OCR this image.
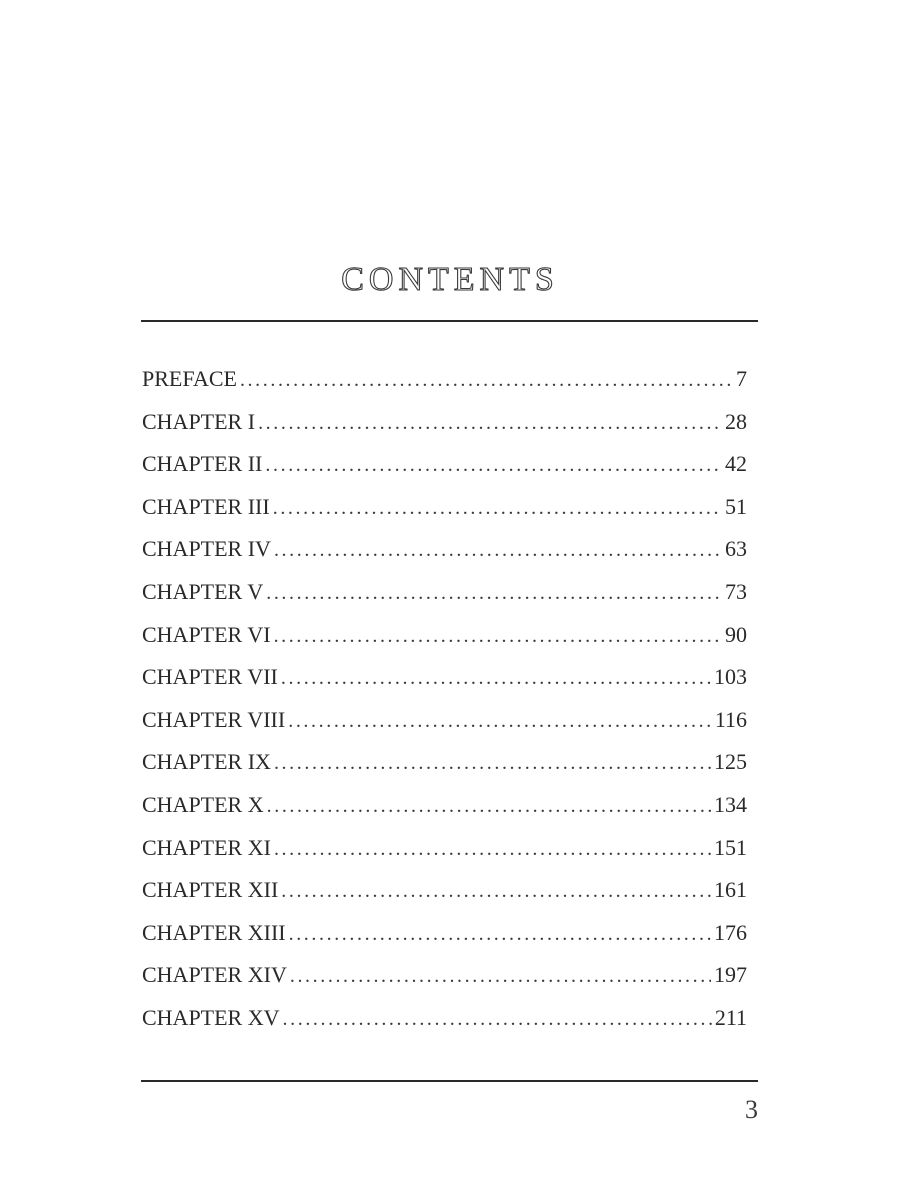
CONTENTS
PREFACE .....	7
CHAPTER I .....	28
CHAPTER II .....	42
CHAPTER III .....	51
CHAPTER IV .....	63
CHAPTER V .....	73
CHAPTER VI .....	90
CHAPTER VII .....	103
CHAPTER VIII .....	116
CHAPTER IX .....	125
CHAPTER X .....	134
CHAPTER XI .....	151
CHAPTER XII .....	161
CHAPTER XIII .....	176
CHAPTER XIV .....	197
CHAPTER XV .....	211
3
